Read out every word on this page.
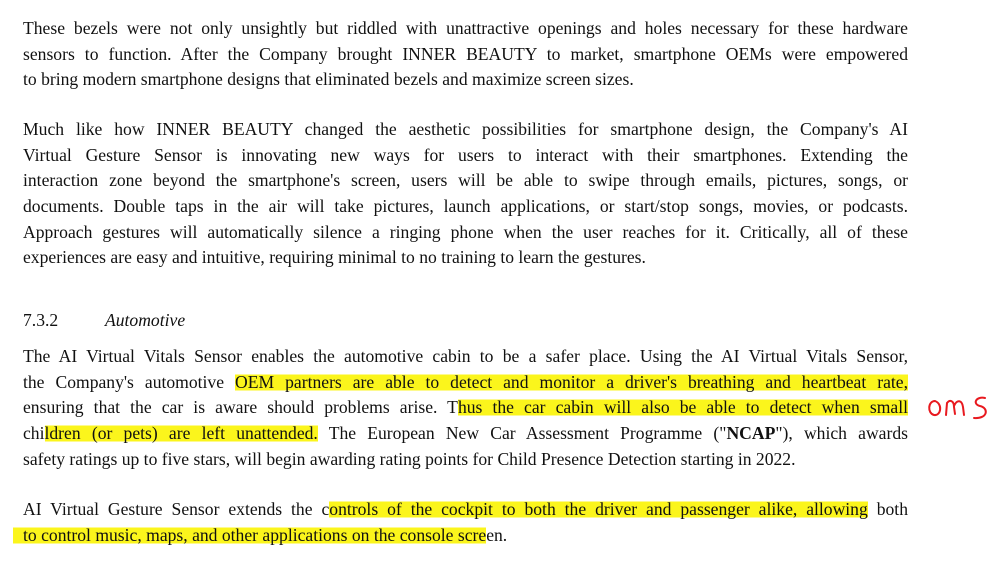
These bezels were not only unsightly but riddled with unattractive openings and holes necessary for these hardware
sensors to function. After the Company brought INNER BEAUTY to market, smartphone OEMs were empowered
to bring modern smartphone designs that eliminated bezels and maximize screen sizes.
Much like how INNER BEAUTY changed the aesthetic possibilities for smartphone design, the Company's AI
Virtual Gesture Sensor is innovating new ways for users to interact with their smartphones. Extending the
interaction zone beyond the smartphone's screen, users will be able to swipe through emails, pictures, songs, or
documents. Double taps in the air will take pictures, launch applications, or start/stop songs, movies, or podcasts.
Approach gestures will automatically silence a ringing phone when the user reaches for it. Critically, all of these
experiences are easy and intuitive, requiring minimal to no training to learn the gestures.
7.3.2	Automotive
The AI Virtual Vitals Sensor enables the automotive cabin to be a safer place. Using the AI Virtual Vitals Sensor,
the Company's automotive OEM partners are able to detect and monitor a driver's breathing and heartbeat rate,
ensuring that the car is aware should problems arise. Thus the car cabin will also be able to detect when small
children (or pets) are left unattended. The European New Car Assessment Programme ("NCAP"), which awards
safety ratings up to five stars, will begin awarding rating points for Child Presence Detection starting in 2022.
AI Virtual Gesture Sensor extends the controls of the cockpit to both the driver and passenger alike, allowing both
to control music, maps, and other applications on the console screen.
